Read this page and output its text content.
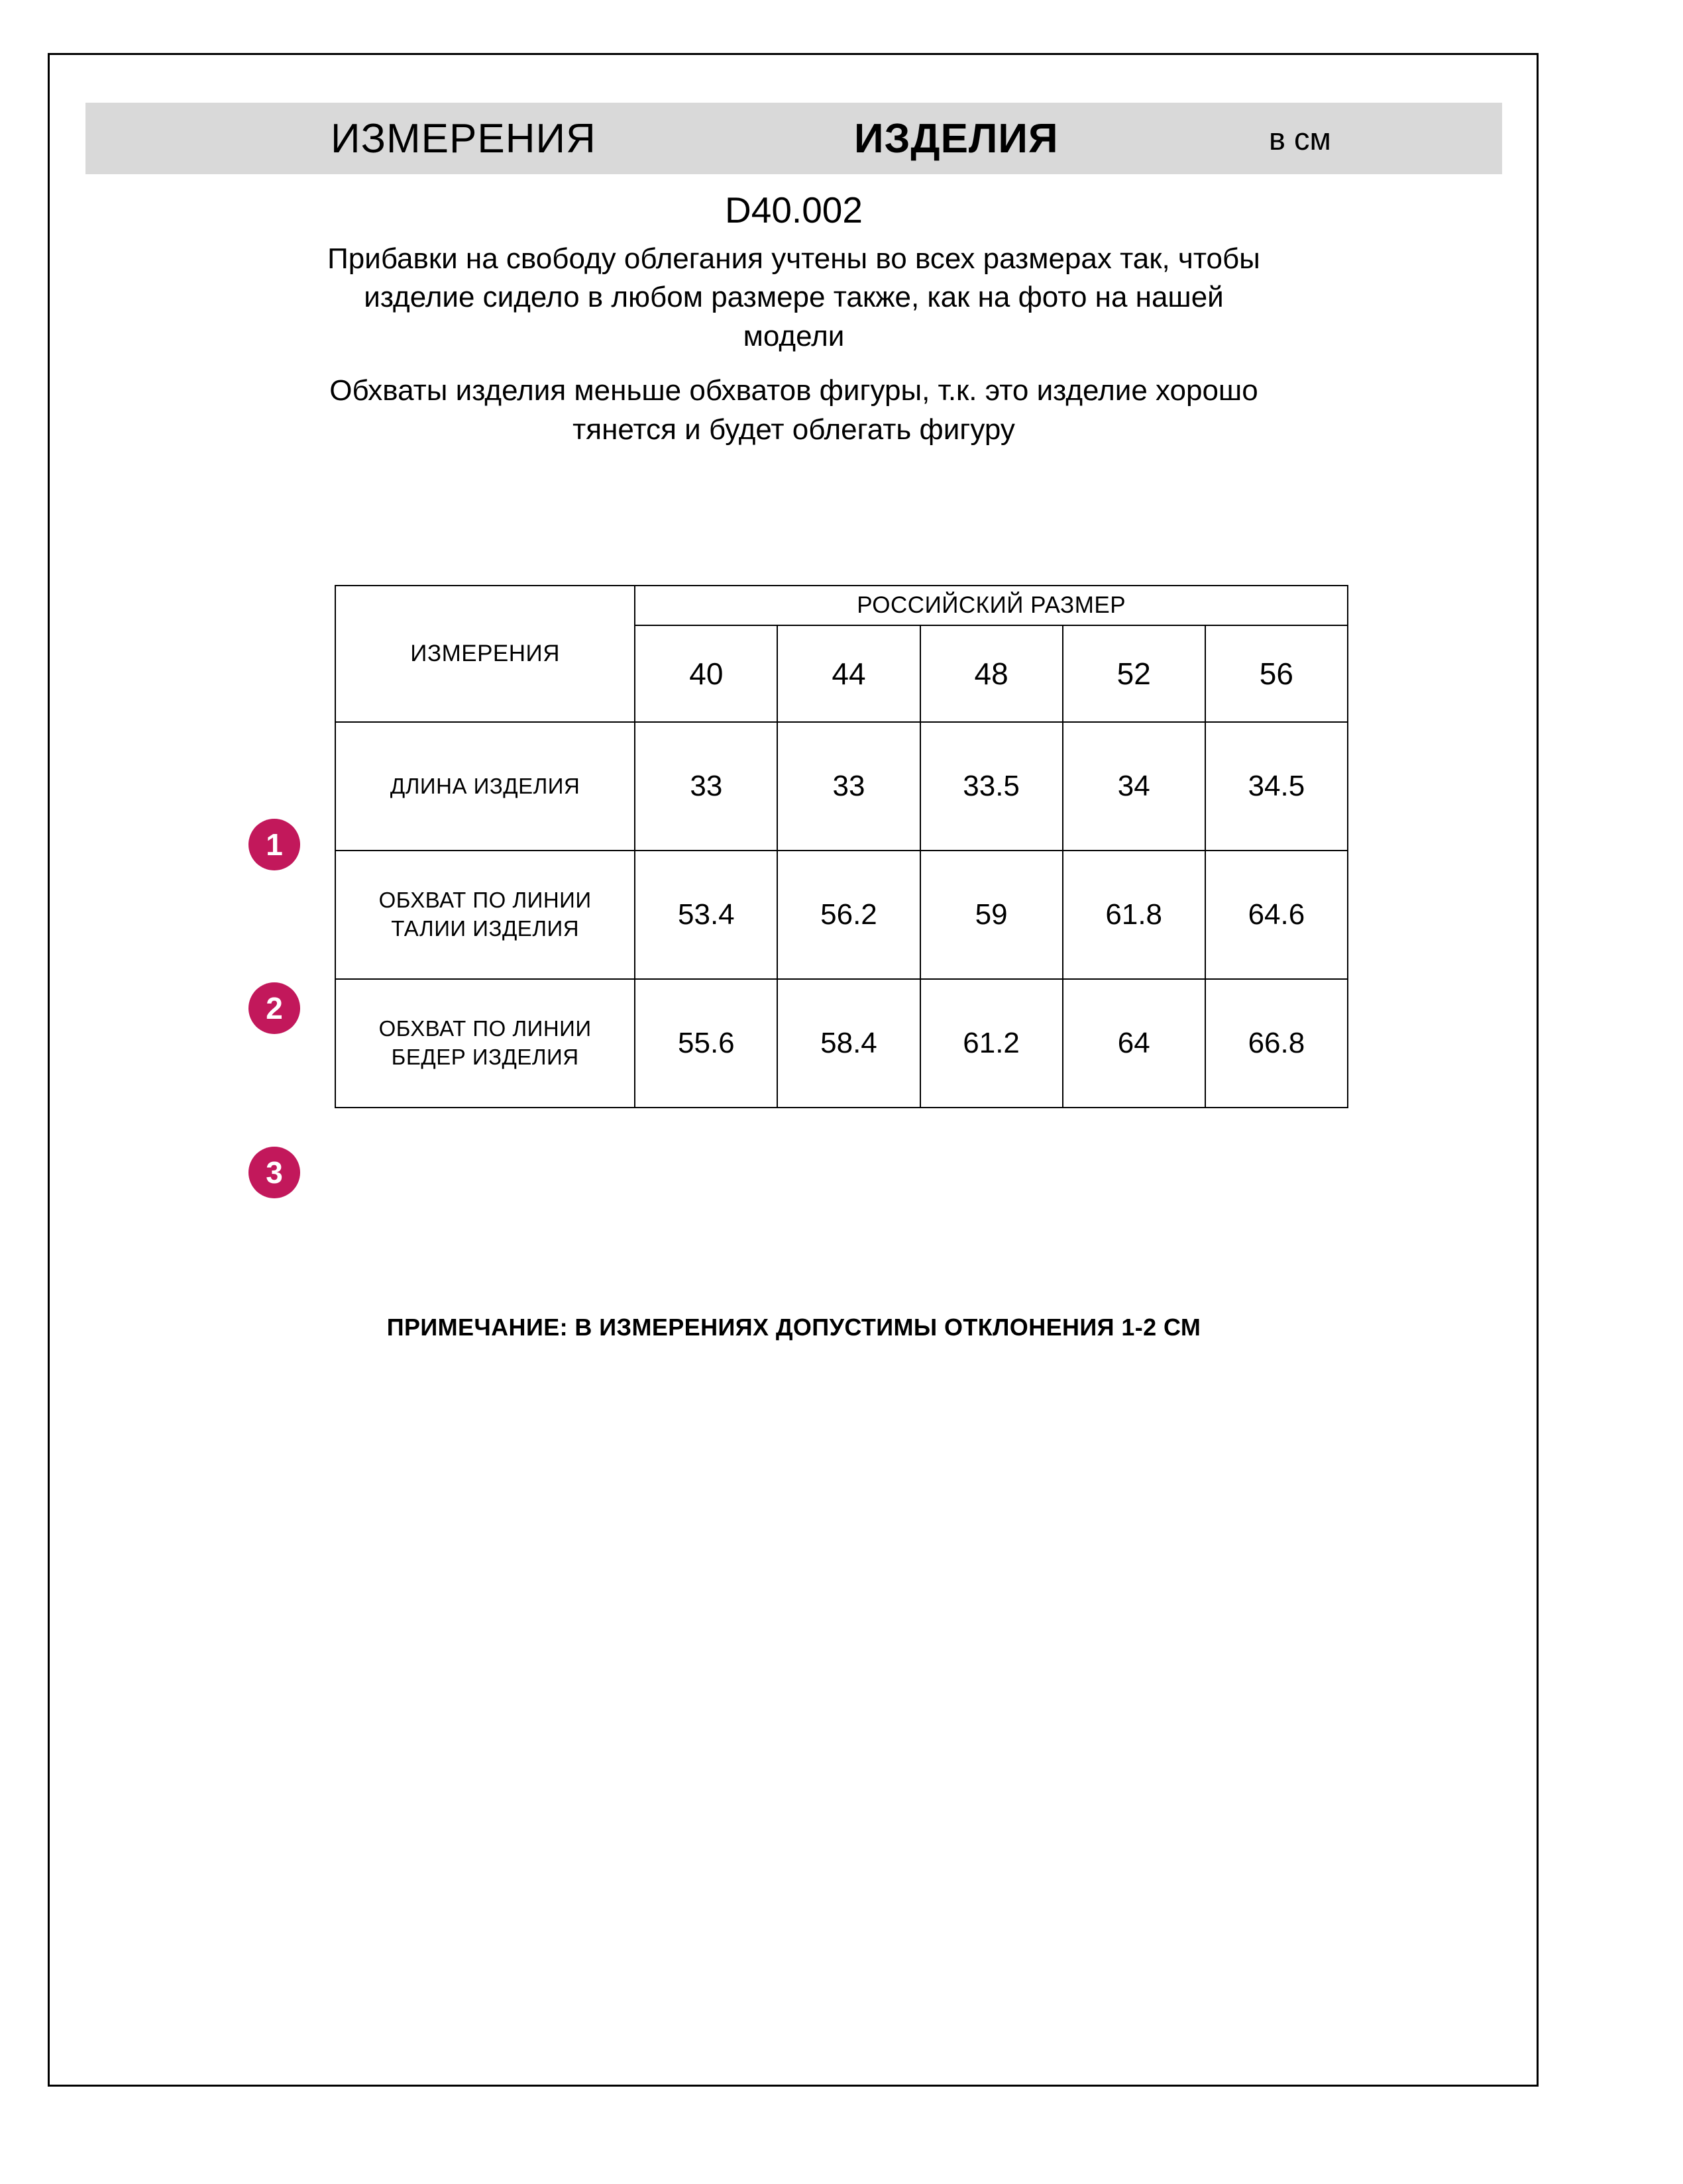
ИЗМЕРЕНИЯ	ИЗДЕЛИЯ	в см
D40.002
Прибавки на свободу облегания учтены во всех размерах так, чтобы изделие сидело в любом размере также, как на фото на нашей модели
Обхваты изделия меньше обхватов фигуры, т.к. это изделие хорошо тянется и будет облегать фигуру
1
2
3
ИЗМЕРЕНИЯ	РОССИЙСКИЙ РАЗМЕР				
	40	44	48	52	56
ДЛИНА ИЗДЕЛИЯ	33	33	33.5	34	34.5
ОБХВАТ ПО ЛИНИИ ТАЛИИ ИЗДЕЛИЯ	53.4	56.2	59	61.8	64.6
ОБХВАТ ПО ЛИНИИ БЕДЕР ИЗДЕЛИЯ	55.6	58.4	61.2	64	66.8
ПРИМЕЧАНИЕ: В ИЗМЕРЕНИЯХ ДОПУСТИМЫ ОТКЛОНЕНИЯ 1-2 СМ
